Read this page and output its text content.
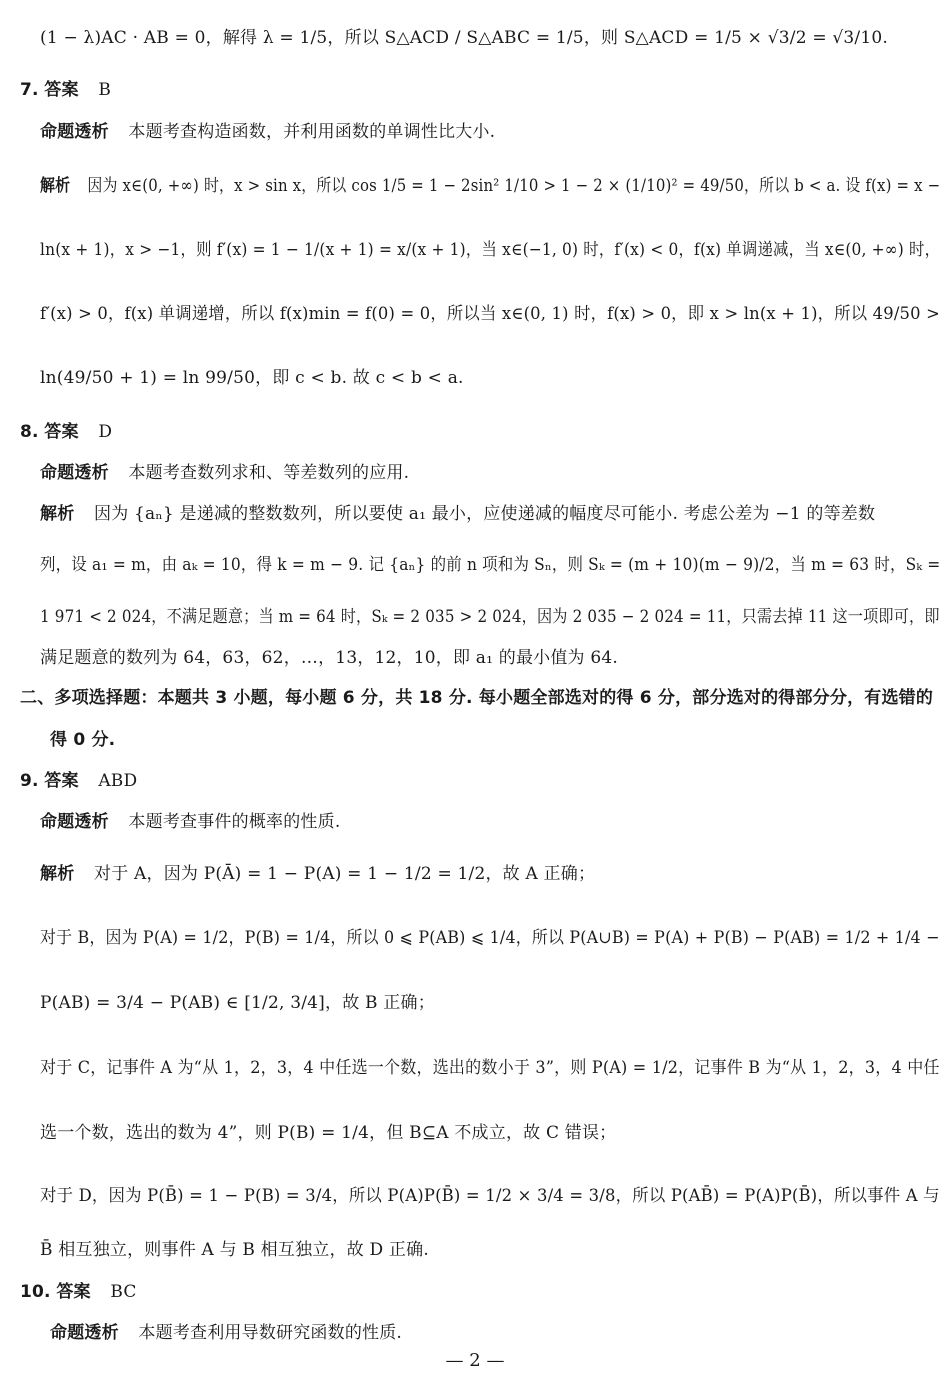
(1 − λ)AC · AB = 0，解得 λ = 1/5，所以 S△ACD / S△ABC = 1/5，则 S△ACD = 1/5 × √3/2 = √3/10.
7. 答案 B
命题透析 本题考查构造函数，并利用函数的单调性比大小.
解析 因为 x∈(0, +∞) 时，x > sin x，所以 cos 1/5 = 1 − 2sin² 1/10 > 1 − 2 × (1/10)² = 49/50，所以 b < a. 设 f(x) = x −
ln(x + 1)，x > −1，则 f′(x) = 1 − 1/(x + 1) = x/(x + 1)，当 x∈(−1, 0) 时，f′(x) < 0，f(x) 单调递减，当 x∈(0, +∞) 时，
f′(x) > 0，f(x) 单调递增，所以 f(x)min = f(0) = 0，所以当 x∈(0, 1) 时，f(x) > 0，即 x > ln(x + 1)，所以 49/50 >
ln(49/50 + 1) = ln 99/50，即 c < b. 故 c < b < a.
8. 答案 D
命题透析 本题考查数列求和、等差数列的应用.
解析 因为 {aₙ} 是递减的整数数列，所以要使 a₁ 最小，应使递减的幅度尽可能小. 考虑公差为 −1 的等差数
列，设 a₁ = m，由 aₖ = 10，得 k = m − 9. 记 {aₙ} 的前 n 项和为 Sₙ，则 Sₖ = (m + 10)(m − 9)/2，当 m = 63 时，Sₖ =
1 971 < 2 024，不满足题意；当 m = 64 时，Sₖ = 2 035 > 2 024，因为 2 035 − 2 024 = 11，只需去掉 11 这一项即可，即
满足题意的数列为 64，63，62，…，13，12，10，即 a₁ 的最小值为 64.
二、多项选择题：本题共 3 小题，每小题 6 分，共 18 分. 每小题全部选对的得 6 分，部分选对的得部分分，有选错的
得 0 分.
9. 答案 ABD
命题透析 本题考查事件的概率的性质.
解析 对于 A，因为 P(Ā) = 1 − P(A) = 1 − 1/2 = 1/2，故 A 正确；
对于 B，因为 P(A) = 1/2，P(B) = 1/4，所以 0 ⩽ P(AB) ⩽ 1/4，所以 P(A∪B) = P(A) + P(B) − P(AB) = 1/2 + 1/4 −
P(AB) = 3/4 − P(AB) ∈ [1/2, 3/4]，故 B 正确；
对于 C，记事件 A 为“从 1，2，3，4 中任选一个数，选出的数小于 3”，则 P(A) = 1/2，记事件 B 为“从 1，2，3，4 中任
选一个数，选出的数为 4”，则 P(B) = 1/4，但 B⊆A 不成立，故 C 错误；
对于 D，因为 P(B̄) = 1 − P(B) = 3/4，所以 P(A)P(B̄) = 1/2 × 3/4 = 3/8，所以 P(AB̄) = P(A)P(B̄)，所以事件 A 与
B̄ 相互独立，则事件 A 与 B 相互独立，故 D 正确.
10. 答案 BC
命题透析 本题考查利用导数研究函数的性质.
— 2 —
